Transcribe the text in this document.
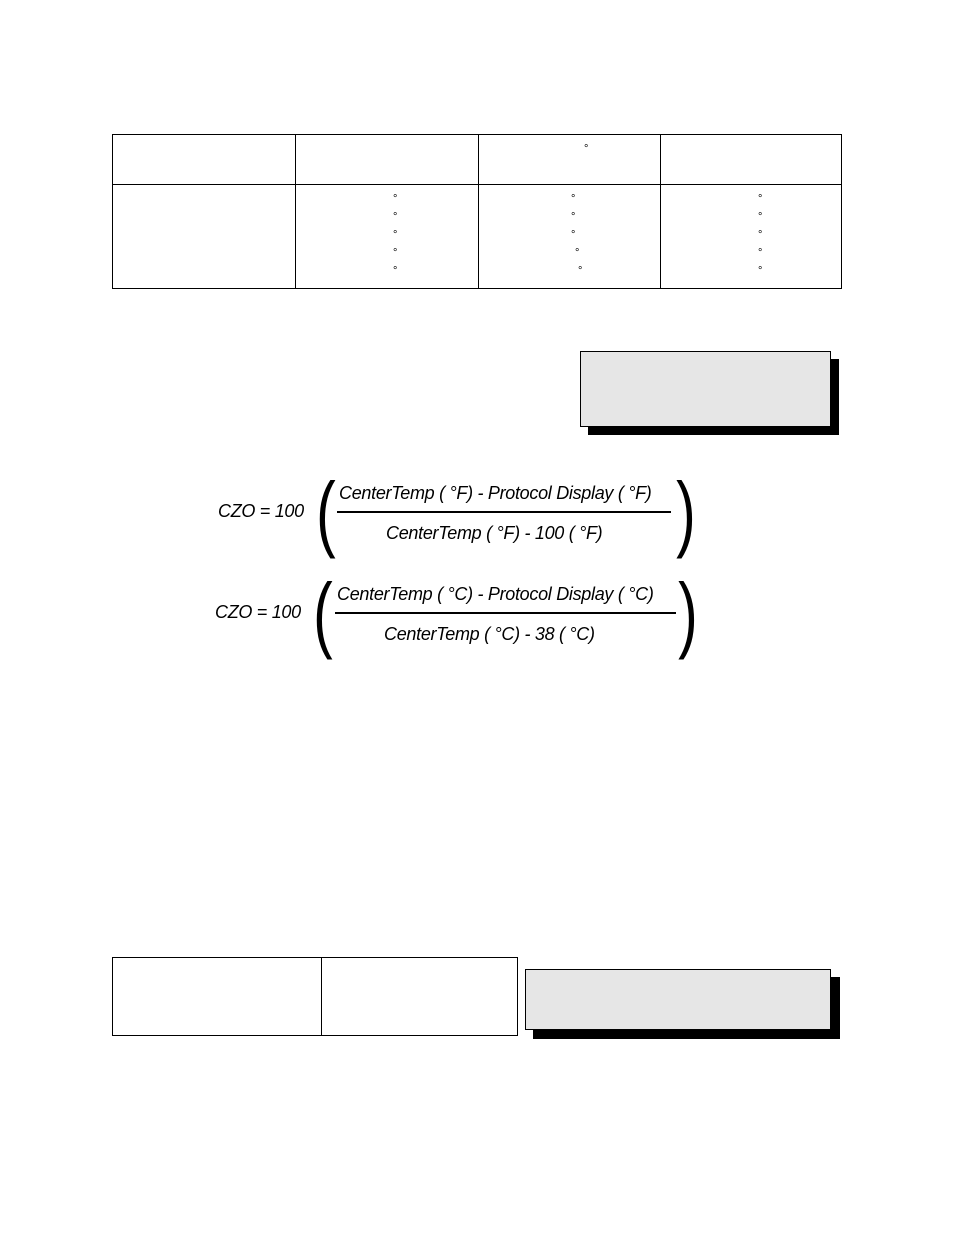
°
°
°
°
°
°
°
°
°
°
°
°
°
°
°
°
CZO = 100 ( CenterTemp ( °F) - Protocol Display ( °F)
CenterTemp ( °F) - 100 ( °F) )
CZO = 100 ( CenterTemp ( °C) - Protocol Display ( °C)
CenterTemp ( °C) - 38 ( °C) )
